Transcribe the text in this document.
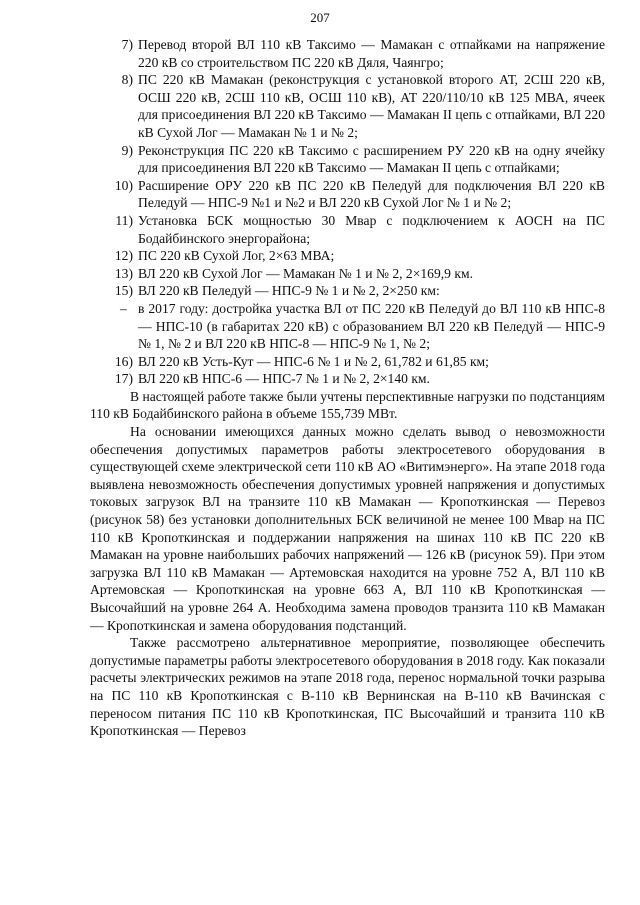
207
7) Перевод второй ВЛ 110 кВ Таксимо — Мамакан с отпайками на напряжение 220 кВ со строительством ПС 220 кВ Дяля, Чаянгро;
8) ПС 220 кВ Мамакан (реконструкция с установкой второго АТ, 2СШ 220 кВ, ОСШ 220 кВ, 2СШ 110 кВ, ОСШ 110 кВ), АТ 220/110/10 кВ 125 МВА, ячеек для присоединения ВЛ 220 кВ Таксимо — Мамакан II цепь с отпайками, ВЛ 220 кВ Сухой Лог — Мамакан № 1 и № 2;
9) Реконструкция ПС 220 кВ Таксимо с расширением РУ 220 кВ на одну ячейку для присоединения ВЛ 220 кВ Таксимо — Мамакан II цепь с отпайками;
10) Расширение ОРУ 220 кВ ПС 220 кВ Пеледуй для подключения ВЛ 220 кВ Пеледуй — НПС-9 №1 и №2 и ВЛ 220 кВ Сухой Лог № 1 и № 2;
11) Установка БСК мощностью 30 Мвар с подключением к АОСН на ПС Бодайбинского энергорайона;
12) ПС 220 кВ Сухой Лог, 2×63 МВА;
13) ВЛ 220 кВ Сухой Лог — Мамакан № 1 и № 2, 2×169,9 км.
15) ВЛ 220 кВ Пеледуй — НПС-9 № 1 и № 2, 2×250 км:
– в 2017 году: достройка участка ВЛ от ПС 220 кВ Пеледуй до ВЛ 110 кВ НПС-8 — НПС-10 (в габаритах 220 кВ) с образованием ВЛ 220 кВ Пеледуй — НПС-9 № 1, № 2 и ВЛ 220 кВ НПС-8 — НПС-9 № 1, № 2;
16) ВЛ 220 кВ Усть-Кут — НПС-6 № 1 и № 2, 61,782 и 61,85 км;
17) ВЛ 220 кВ НПС-6 — НПС-7 № 1 и № 2, 2×140 км.

В настоящей работе также были учтены перспективные нагрузки по подстанциям 110 кВ Бодайбинского района в объеме 155,739 МВт.

На основании имеющихся данных можно сделать вывод о невозможности обеспечения допустимых параметров работы электросетевого оборудования в существующей схеме электрической сети 110 кВ АО «Витимэнерго». На этапе 2018 года выявлена невозможность обеспечения допустимых уровней напряжения и допустимых токовых загрузок ВЛ на транзите 110 кВ Мамакан — Кропоткинская — Перевоз (рисунок 58) без установки дополнительных БСК величиной не менее 100 Мвар на ПС 110 кВ Кропоткинская и поддержании напряжения на шинах 110 кВ ПС 220 кВ Мамакан на уровне наибольших рабочих напряжений — 126 кВ (рисунок 59). При этом загрузка ВЛ 110 кВ Мамакан — Артемовская находится на уровне 752 А, ВЛ 110 кВ Артемовская — Кропоткинская на уровне 663 А, ВЛ 110 кВ Кропоткинская — Высочайший на уровне 264 А. Необходима замена проводов транзита 110 кВ Мамакан — Кропоткинская и замена оборудования подстанций.

Также рассмотрено альтернативное мероприятие, позволяющее обеспечить допустимые параметры работы электросетевого оборудования в 2018 году. Как показали расчеты электрических режимов на этапе 2018 года, перенос нормальной точки разрыва на ПС 110 кВ Кропоткинская с В-110 кВ Вернинская на В-110 кВ Вачинская с переносом питания ПС 110 кВ Кропоткинская, ПС Высочайший и транзита 110 кВ Кропоткинская — Перевоз
